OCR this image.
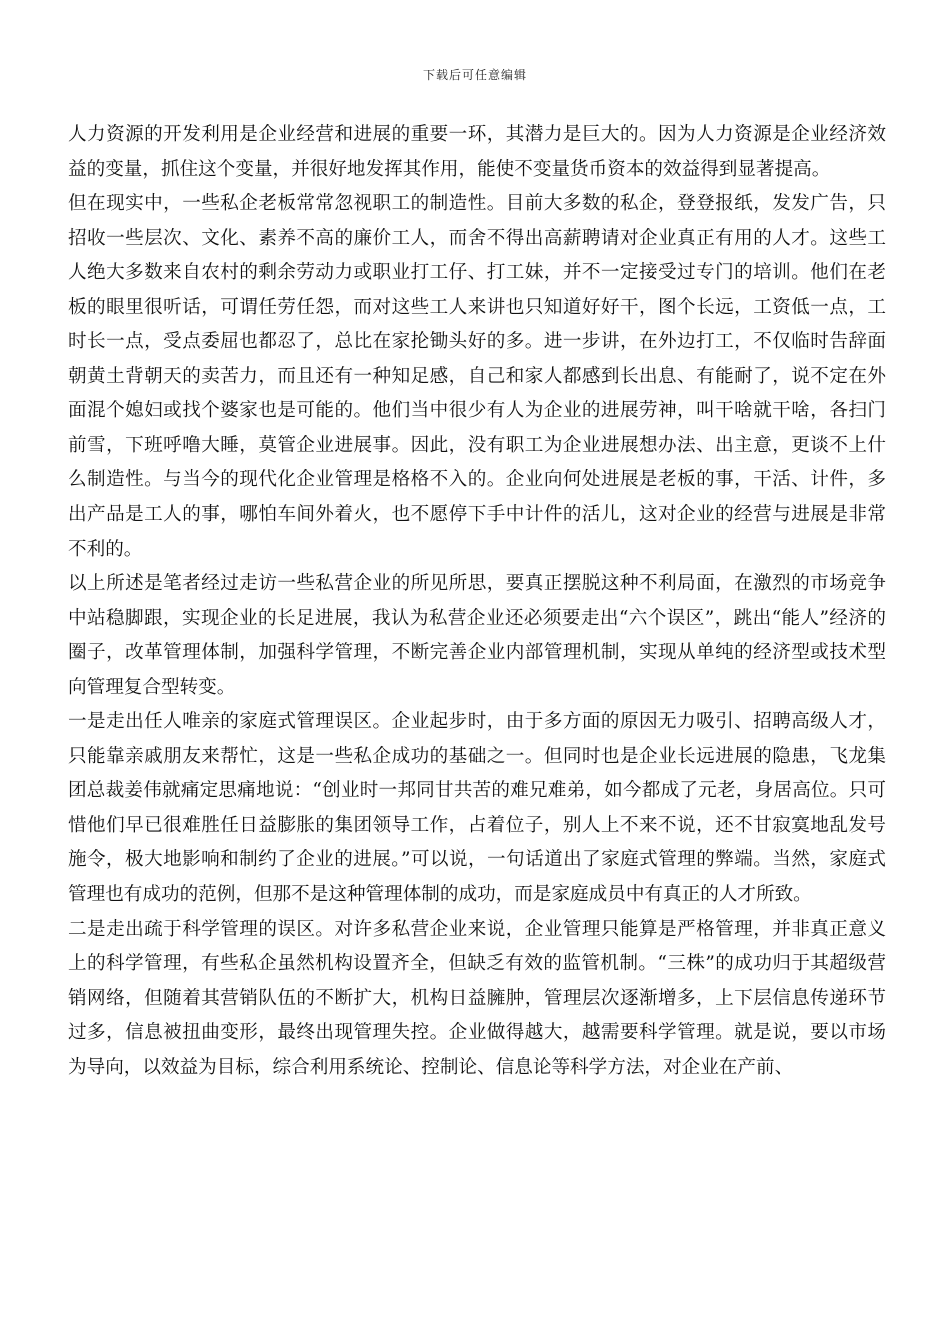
下载后可任意编辑

人力资源的开发利用是企业经营和进展的重要一环，其潜力是巨大的。因为人力资源是企业经济效益的变量，抓住这个变量，并很好地发挥其作用，能使不变量货币资本的效益得到显著提高。

但在现实中，一些私企老板常常忽视职工的制造性。目前大多数的私企，登登报纸，发发广告，只招收一些层次、文化、素养不高的廉价工人，而舍不得出高薪聘请对企业真正有用的人才。这些工人绝大多数来自农村的剩余劳动力或职业打工仔、打工妹，并不一定接受过专门的培训。他们在老板的眼里很听话，可谓任劳任怨，而对这些工人来讲也只知道好好干，图个长远，工资低一点，工时长一点，受点委屈也都忍了，总比在家抡锄头好的多。进一步讲，在外边打工，不仅临时告辞面朝黄土背朝天的卖苦力，而且还有一种知足感，自己和家人都感到长出息、有能耐了，说不定在外面混个媳妇或找个婆家也是可能的。他们当中很少有人为企业的进展劳神，叫干啥就干啥，各扫门前雪，下班呼噜大睡，莫管企业进展事。因此，没有职工为企业进展想办法、出主意，更谈不上什么制造性。与当今的现代化企业管理是格格不入的。企业向何处进展是老板的事，干活、计件，多出产品是工人的事，哪怕车间外着火，也不愿停下手中计件的活儿，这对企业的经营与进展是非常不利的。

以上所述是笔者经过走访一些私营企业的所见所思，要真正摆脱这种不利局面，在激烈的市场竞争中站稳脚跟，实现企业的长足进展，我认为私营企业还必须要走出“六个误区”，跳出“能人”经济的圈子，改革管理体制，加强科学管理，不断完善企业内部管理机制，实现从单纯的经济型或技术型向管理复合型转变。

一是走出任人唯亲的家庭式管理误区。企业起步时，由于多方面的原因无力吸引、招聘高级人才，只能靠亲戚朋友来帮忙，这是一些私企成功的基础之一。但同时也是企业长远进展的隐患，飞龙集团总裁姜伟就痛定思痛地说：“创业时一邦同甘共苦的难兄难弟，如今都成了元老，身居高位。只可惜他们早已很难胜任日益膨胀的集团领导工作，占着位子，别人上不来不说，还不甘寂寞地乱发号施令，极大地影响和制约了企业的进展。”可以说，一句话道出了家庭式管理的弊端。当然，家庭式管理也有成功的范例，但那不是这种管理体制的成功，而是家庭成员中有真正的人才所致。

二是走出疏于科学管理的误区。对许多私营企业来说，企业管理只能算是严格管理，并非真正意义上的科学管理，有些私企虽然机构设置齐全，但缺乏有效的监管机制。“三株”的成功归于其超级营销网络，但随着其营销队伍的不断扩大，机构日益臃肿，管理层次逐渐增多，上下层信息传递环节过多，信息被扭曲变形，最终出现管理失控。企业做得越大，越需要科学管理。就是说，要以市场为导向，以效益为目标，综合利用系统论、控制论、信息论等科学方法，对企业在产前、
